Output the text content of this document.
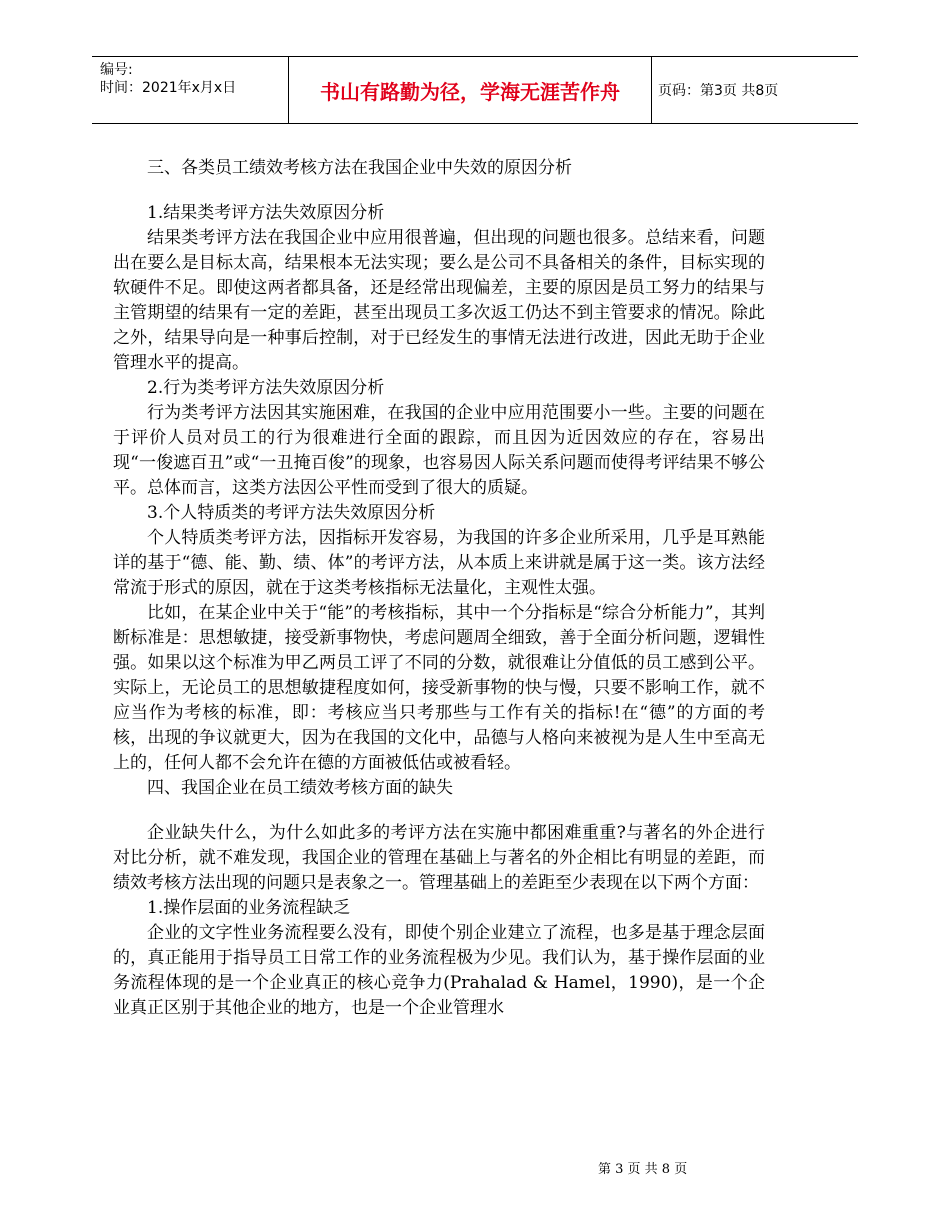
编号:
时间：2021年x月x日	书山有路勤为径，学海无涯苦作舟	页码：第3页 共8页

三、各类员工绩效考核方法在我国企业中失效的原因分析

1.结果类考评方法失效原因分析

结果类考评方法在我国企业中应用很普遍，但出现的问题也很多。总结来看，问题出在要么是目标太高，结果根本无法实现；要么是公司不具备相关的条件，目标实现的软硬件不足。即使这两者都具备，还是经常出现偏差，主要的原因是员工努力的结果与主管期望的结果有一定的差距，甚至出现员工多次返工仍达不到主管要求的情况。除此之外，结果导向是一种事后控制，对于已经发生的事情无法进行改进，因此无助于企业管理水平的提高。

2.行为类考评方法失效原因分析

行为类考评方法因其实施困难，在我国的企业中应用范围要小一些。主要的问题在于评价人员对员工的行为很难进行全面的跟踪，而且因为近因效应的存在，容易出现“一俊遮百丑”或“一丑掩百俊”的现象，也容易因人际关系问题而使得考评结果不够公平。总体而言，这类方法因公平性而受到了很大的质疑。

3.个人特质类的考评方法失效原因分析

个人特质类考评方法，因指标开发容易，为我国的许多企业所采用，几乎是耳熟能详的基于“德、能、勤、绩、体”的考评方法，从本质上来讲就是属于这一类。该方法经常流于形式的原因，就在于这类考核指标无法量化，主观性太强。

比如，在某企业中关于“能”的考核指标，其中一个分指标是“综合分析能力”，其判断标准是：思想敏捷，接受新事物快，考虑问题周全细致，善于全面分析问题，逻辑性强。如果以这个标准为甲乙两员工评了不同的分数，就很难让分值低的员工感到公平。实际上，无论员工的思想敏捷程度如何，接受新事物的快与慢，只要不影响工作，就不应当作为考核的标准，即：考核应当只考那些与工作有关的指标!在“德”的方面的考核，出现的争议就更大，因为在我国的文化中，品德与人格向来被视为是人生中至高无上的，任何人都不会允许在德的方面被低估或被看轻。

四、我国企业在员工绩效考核方面的缺失

企业缺失什么，为什么如此多的考评方法在实施中都困难重重?与著名的外企进行对比分析，就不难发现，我国企业的管理在基础上与著名的外企相比有明显的差距，而绩效考核方法出现的问题只是表象之一。管理基础上的差距至少表现在以下两个方面：

1.操作层面的业务流程缺乏

企业的文字性业务流程要么没有，即使个别企业建立了流程，也多是基于理念层面的，真正能用于指导员工日常工作的业务流程极为少见。我们认为，基于操作层面的业务流程体现的是一个企业真正的核心竞争力(Prahalad & Hamel，1990)，是一个企业真正区别于其他企业的地方，也是一个企业管理水

第 3 页 共 8 页
